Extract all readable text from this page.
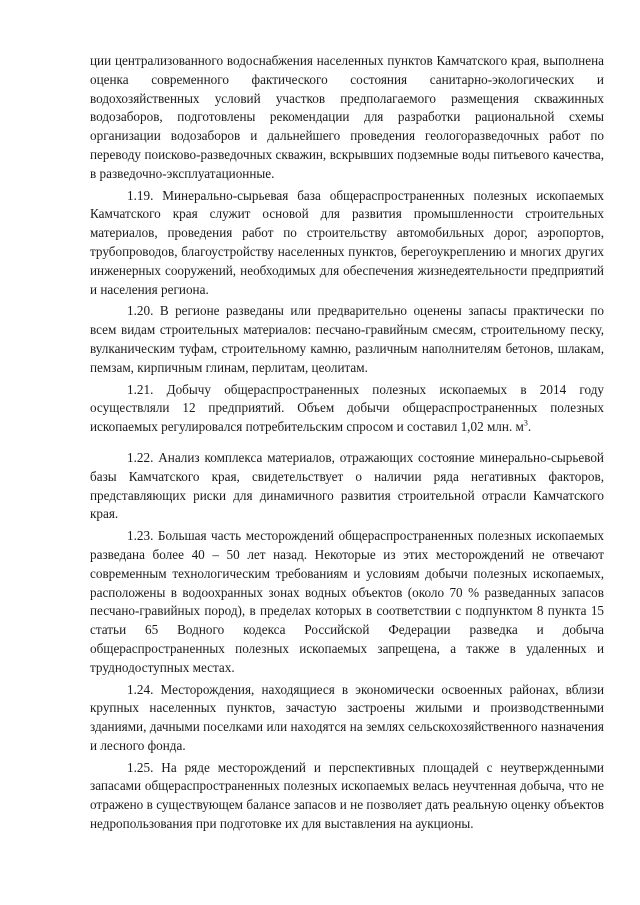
ции централизованного водоснабжения населенных пунктов Камчатского края, выполнена оценка современного фактического состояния санитарно-экологических и водохозяйственных условий участков предполагаемого размещения скважинных водозаборов, подготовлены рекомендации для разработки рациональной схемы организации водозаборов и дальнейшего проведения геологоразведочных работ по переводу поисково-разведочных скважин, вскрывших подземные воды питьевого качества, в разведочно-эксплуатационные.

1.19. Минерально-сырьевая база общераспространенных полезных ископаемых Камчатского края служит основой для развития промышленности строительных материалов, проведения работ по строительству автомобильных дорог, аэропортов, трубопроводов, благоустройству населенных пунктов, берегоукреплению и многих других инженерных сооружений, необходимых для обеспечения жизнедеятельности предприятий и населения региона.

1.20. В регионе разведаны или предварительно оценены запасы практически по всем видам строительных материалов: песчано-гравийным смесям, строительному песку, вулканическим туфам, строительному камню, различным наполнителям бетонов, шлакам, пемзам, кирпичным глинам, перлитам, цеолитам.

1.21. Добычу общераспространенных полезных ископаемых в 2014 году осуществляли 12 предприятий. Объем добычи общераспространенных полезных ископаемых регулировался потребительским спросом и составил 1,02 млн. $м^3$.

1.22. Анализ комплекса материалов, отражающих состояние минерально-сырьевой базы Камчатского края, свидетельствует о наличии ряда негативных факторов, представляющих риски для динамичного развития строительной отрасли Камчатского края.

1.23. Большая часть месторождений общераспространенных полезных ископаемых разведана более 40 – 50 лет назад. Некоторые из этих месторождений не отвечают современным технологическим требованиям и условиям добычи полезных ископаемых, расположены в водоохранных зонах водных объектов (около 70 % разведанных запасов песчано-гравийных пород), в пределах которых в соответствии с подпунктом 8 пункта 15 статьи 65 Водного кодекса Российской Федерации разведка и добыча общераспространенных полезных ископаемых запрещена, а также в удаленных и труднодоступных местах.

1.24. Месторождения, находящиеся в экономически освоенных районах, вблизи крупных населенных пунктов, зачастую застроены жилыми и производственными зданиями, дачными поселками или находятся на землях сельскохозяйственного назначения и лесного фонда.

1.25. На ряде месторождений и перспективных площадей с неутвержденными запасами общераспространенных полезных ископаемых велась неучтенная добыча, что не отражено в существующем балансе запасов и не позволяет дать реальную оценку объектов недропользования при подготовке их для выставления на аукционы.
